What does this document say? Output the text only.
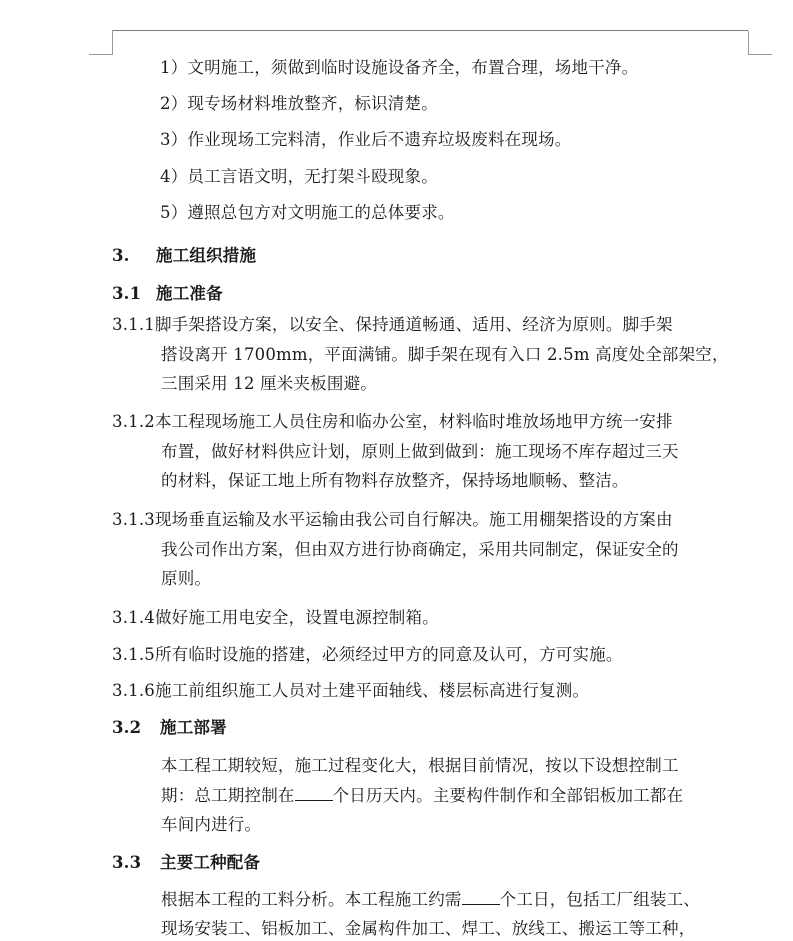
1）文明施工，须做到临时设施设备齐全，布置合理，场地干净。
2）现专场材料堆放整齐，标识清楚。
3）作业现场工完料清，作业后不遗弃垃圾废料在现场。
4）员工言语文明，无打架斗殴现象。
5）遵照总包方对文明施工的总体要求。
3. 施工组织措施
3.1 施工准备
3.1.1脚手架搭设方案，以安全、保持通道畅通、适用、经济为原则。脚手架
搭设离开 1700mm，平面满铺。脚手架在现有入口 2.5m 高度处全部架空，
三围采用 12 厘米夹板围避。
3.1.2本工程现场施工人员住房和临办公室，材料临时堆放场地甲方统一安排
布置，做好材料供应计划，原则上做到做到：施工现场不库存超过三天
的材料，保证工地上所有物料存放整齐，保持场地顺畅、整洁。
3.1.3现场垂直运输及水平运输由我公司自行解决。施工用棚架搭设的方案由
我公司作出方案，但由双方进行协商确定，采用共同制定，保证安全的
原则。
3.1.4做好施工用电安全，设置电源控制箱。
3.1.5所有临时设施的搭建，必须经过甲方的同意及认可，方可实施。
3.1.6施工前组织施工人员对土建平面轴线、楼层标高进行复测。
3.2 施工部署
本工程工期较短，施工过程变化大，根据目前情况，按以下设想控制工
期：总工期控制在 个日历天内。主要构件制作和全部铝板加工都在
车间内进行。
3.3 主要工种配备
根据本工程的工料分析。本工程施工约需 个工日，包括工厂组装工、
现场安装工、铝板加工、金属构件加工、焊工、放线工、搬运工等工种，
